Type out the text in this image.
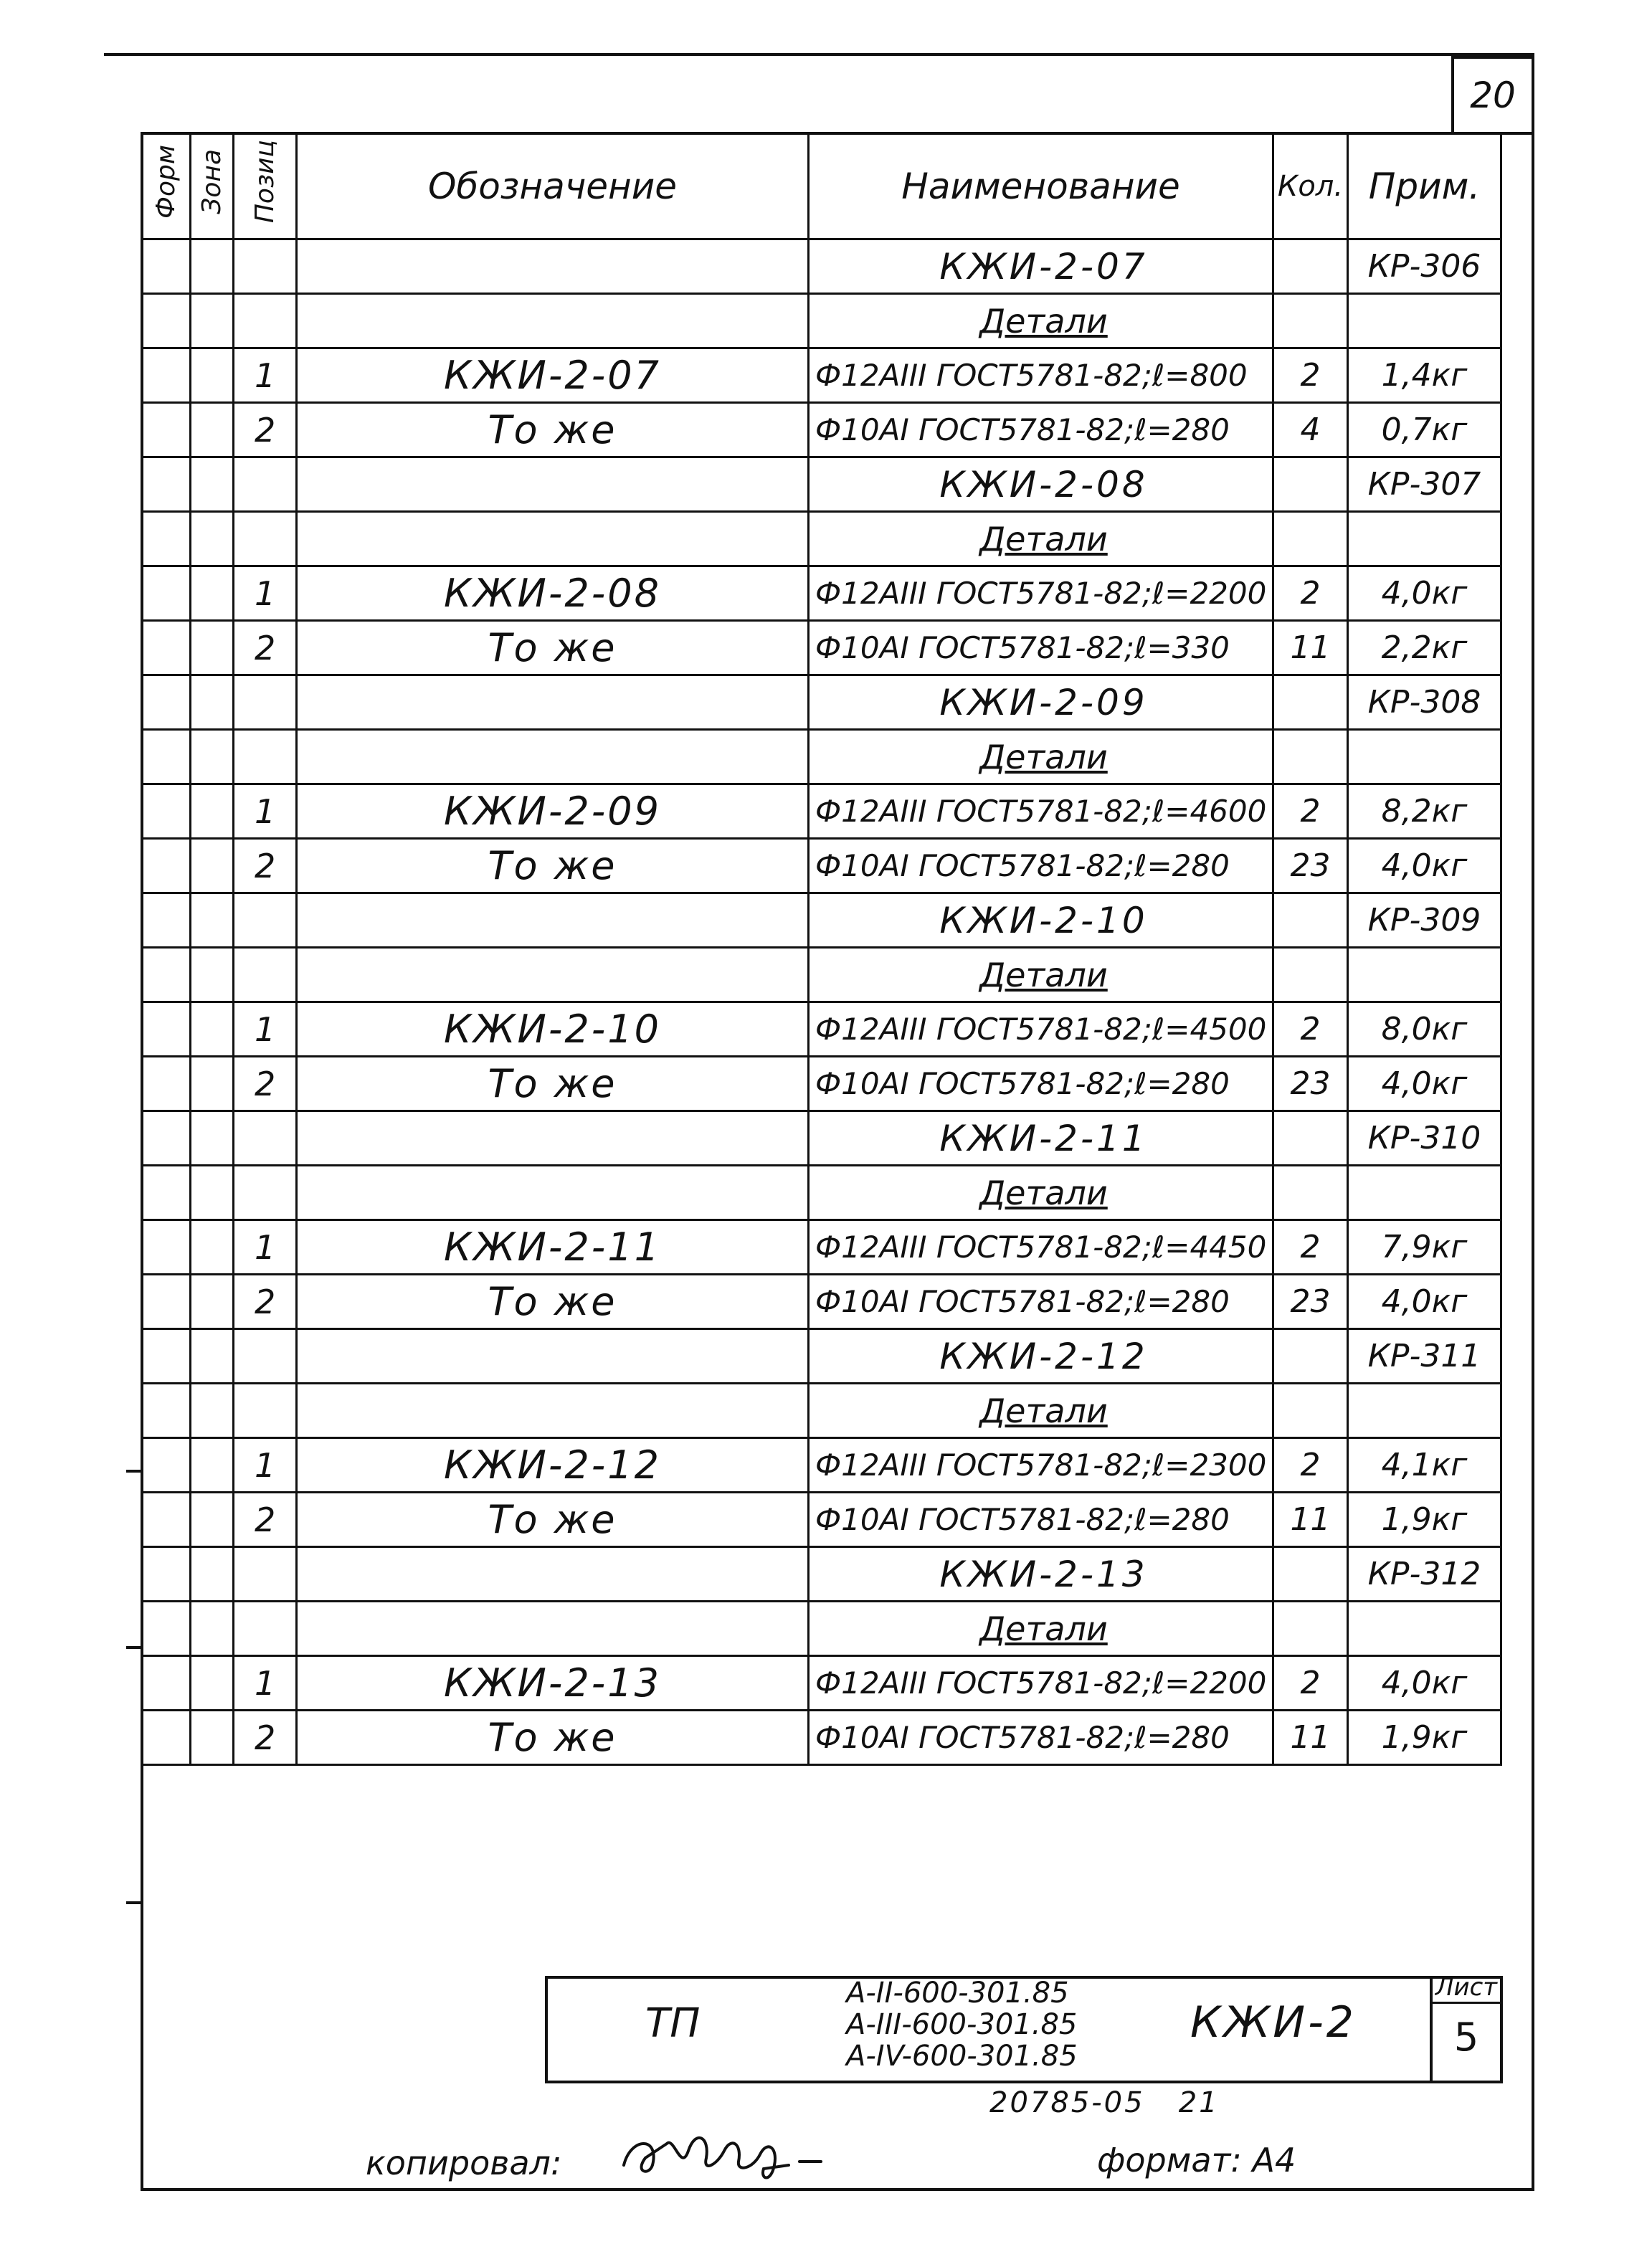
20
Форм	Зона	Позиц	Обозначение	Наименование	Кол.	Прим.
				КЖИ-2-07		КР-306
				Детали		
		1	КЖИ-2-07	Ф12АIII ГОСТ5781-82;ℓ=800	2	1,4кг
		2	То же	Ф10АI ГОСТ5781-82;ℓ=280	4	0,7кг
				КЖИ-2-08		КР-307
				Детали		
		1	КЖИ-2-08	Ф12АIII ГОСТ5781-82;ℓ=2200	2	4,0кг
		2	То же	Ф10АI ГОСТ5781-82;ℓ=330	11	2,2кг
				КЖИ-2-09		КР-308
				Детали		
		1	КЖИ-2-09	Ф12АIII ГОСТ5781-82;ℓ=4600	2	8,2кг
		2	То же	Ф10АI ГОСТ5781-82;ℓ=280	23	4,0кг
				КЖИ-2-10		КР-309
				Детали		
		1	КЖИ-2-10	Ф12АIII ГОСТ5781-82;ℓ=4500	2	8,0кг
		2	То же	Ф10АI ГОСТ5781-82;ℓ=280	23	4,0кг
				КЖИ-2-11		КР-310
				Детали		
		1	КЖИ-2-11	Ф12АIII ГОСТ5781-82;ℓ=4450	2	7,9кг
		2	То же	Ф10АI ГОСТ5781-82;ℓ=280	23	4,0кг
				КЖИ-2-12		КР-311
				Детали		
		1	КЖИ-2-12	Ф12АIII ГОСТ5781-82;ℓ=2300	2	4,1кг
		2	То же	Ф10АI ГОСТ5781-82;ℓ=280	11	1,9кг
				КЖИ-2-13		КР-312
				Детали		
		1	КЖИ-2-13	Ф12АIII ГОСТ5781-82;ℓ=2200	2	4,0кг
		2	То же	Ф10АI ГОСТ5781-82;ℓ=280	11	1,9кг
ТП
А-II-600-301.85
А-III-600-301.85
А-IV-600-301.85
КЖИ-2
Лист
5
20785-05   21
копировал:	формат: А4
